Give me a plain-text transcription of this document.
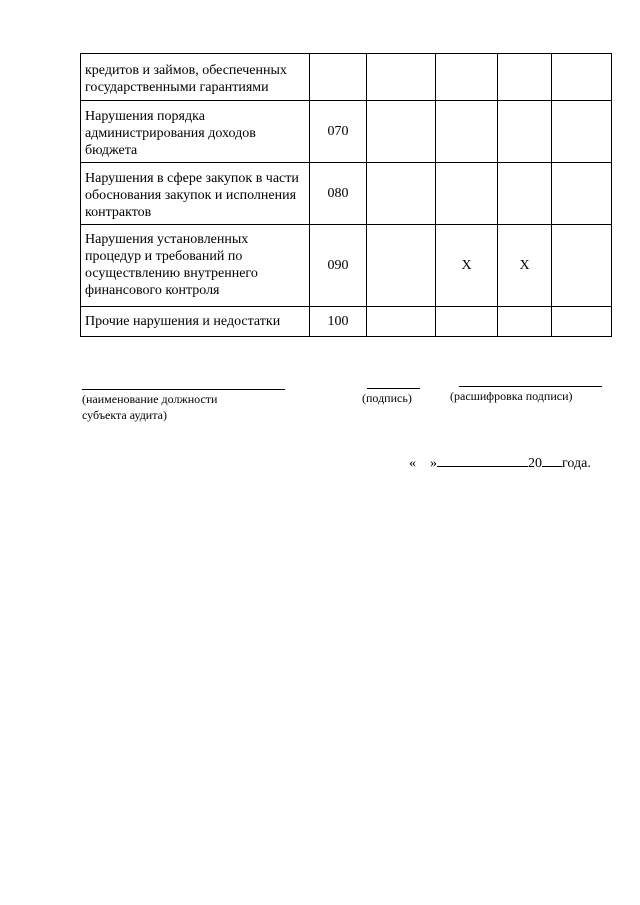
кредитов и займов, обеспеченных государственными гарантиями					
Нарушения порядка администрирования доходов бюджета	070				
Нарушения в сфере закупок в части обоснования закупок и исполнения контрактов	080				
Нарушения установленных процедур и требований по осуществлению внутреннего финансового контроля	090		Х	Х	
Прочие нарушения и недостатки	100				
(наименование должности
субъекта аудита)
(подпись)	(расшифровка подписи)
« »	20 года.
